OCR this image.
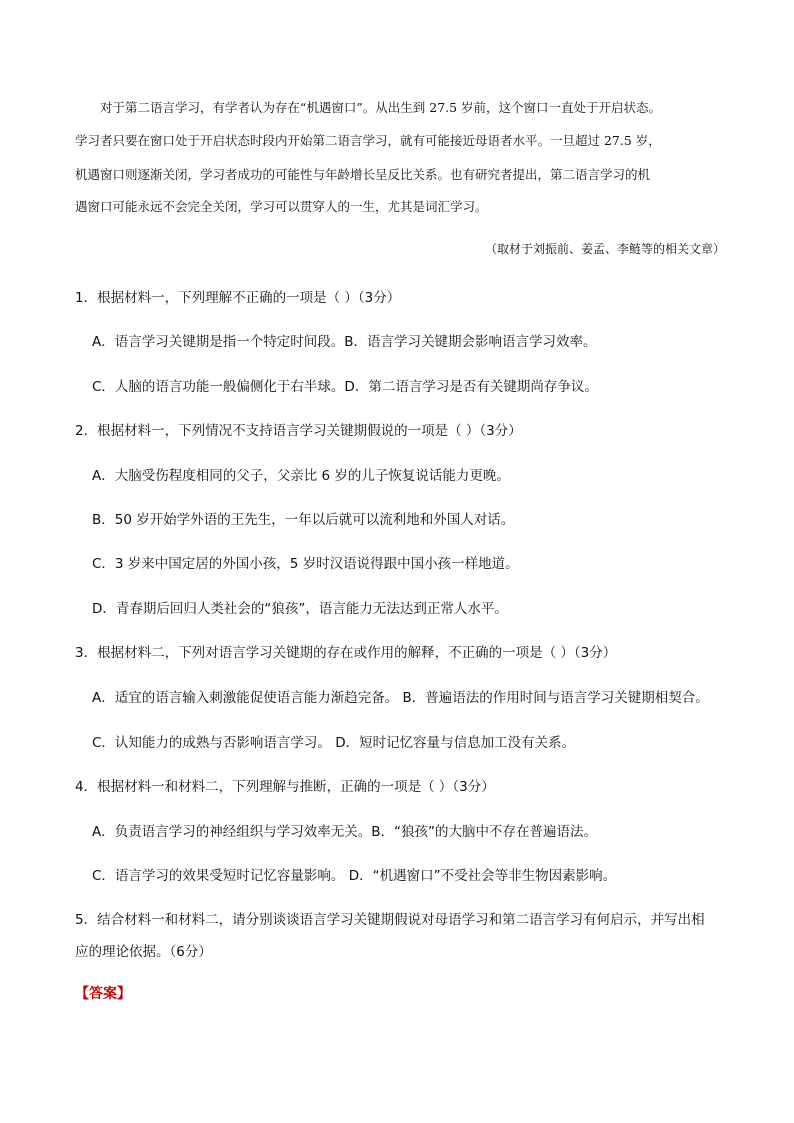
　　对于第二语言学习，有学者认为存在“机遇窗口”。从出生到 27.5 岁前，这个窗口一直处于开启状态。
学习者只要在窗口处于开启状态时段内开始第二语言学习，就有可能接近母语者水平。一旦超过 27.5 岁，
机遇窗口则逐渐关闭，学习者成功的可能性与年龄增长呈反比关系。也有研究者提出，第二语言学习的机
遇窗口可能永远不会完全关闭，学习可以贯穿人的一生，尤其是词汇学习。
（取材于刘振前、姜孟、李鲢等的相关文章）
1．根据材料一，下列理解不正确的一项是（ ）（3分）
A．语言学习关键期是指一个特定时间段。B．语言学习关键期会影响语言学习效率。
C．人脑的语言功能一般偏侧化于右半球。D．第二语言学习是否有关键期尚存争议。
2．根据材料一，下列情况不支持语言学习关键期假说的一项是（ ）（3分）
A．大脑受伤程度相同的父子，父亲比 6 岁的儿子恢复说话能力更晚。
B．50 岁开始学外语的王先生，一年以后就可以流利地和外国人对话。
C．3 岁来中国定居的外国小孩，5 岁时汉语说得跟中国小孩一样地道。
D．青春期后回归人类社会的“狼孩”，语言能力无法达到正常人水平。
3．根据材料二，下列对语言学习关键期的存在或作用的解释，不正确的一项是（ ）（3分）
A．适宜的语言输入刺激能促使语言能力渐趋完备。 B．普遍语法的作用时间与语言学习关键期相契合。
C．认知能力的成熟与否影响语言学习。 D．短时记忆容量与信息加工没有关系。
4．根据材料一和材料二，下列理解与推断，正确的一项是（ ）（3分）
A．负责语言学习的神经组织与学习效率无关。B．“狼孩”的大脑中不存在普遍语法。
C．语言学习的效果受短时记忆容量影响。 D．“机遇窗口”不受社会等非生物因素影响。
5．结合材料一和材料二，请分别谈谈语言学习关键期假说对母语学习和第二语言学习有何启示，并写出相
应的理论依据。（6分）
【答案】
